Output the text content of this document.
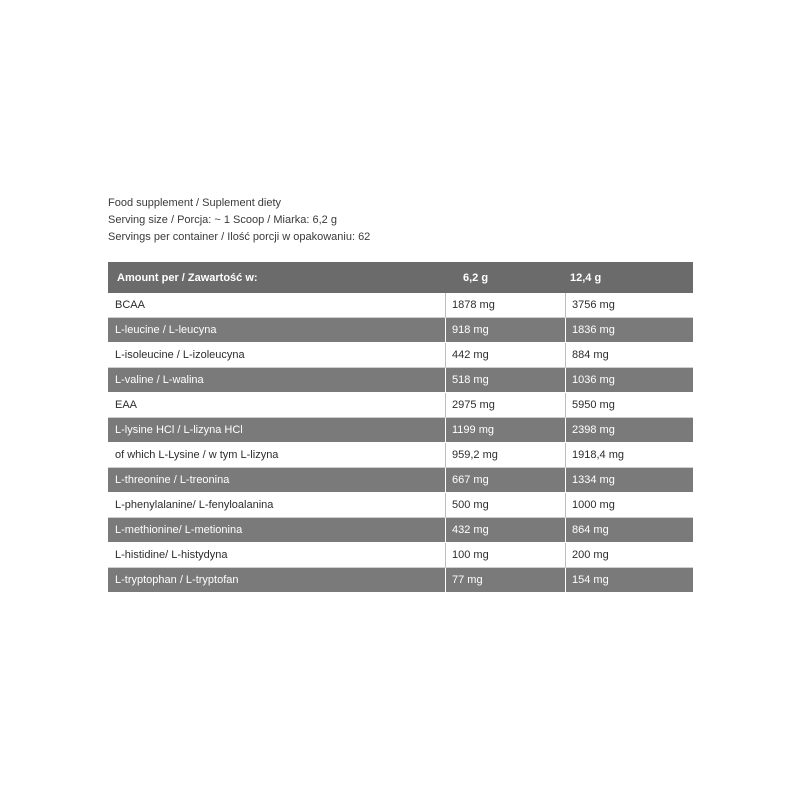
Food supplement / Suplement diety
Serving size / Porcja: ~ 1 Scoop / Miarka: 6,2 g
Servings per container / Ilość porcji w opakowaniu: 62
Amount per / Zawartość w:	6,2 g	12,4 g
BCAA	1878 mg	3756 mg
L-leucine / L-leucyna	918 mg	1836 mg
L-isoleucine / L-izoleucyna	442 mg	884 mg
L-valine / L-walina	518 mg	1036 mg
EAA	2975 mg	5950 mg
L-lysine HCl / L-lizyna HCl	1199 mg	2398 mg
of which L-Lysine / w tym L-lizyna	959,2 mg	1918,4 mg
L-threonine / L-treonina	667 mg	1334 mg
L-phenylalanine/ L-fenyloalanina	500 mg	1000 mg
L-methionine/ L-metionina	432 mg	864 mg
L-histidine/ L-histydyna	100 mg	200 mg
L-tryptophan / L-tryptofan	77 mg	154 mg
